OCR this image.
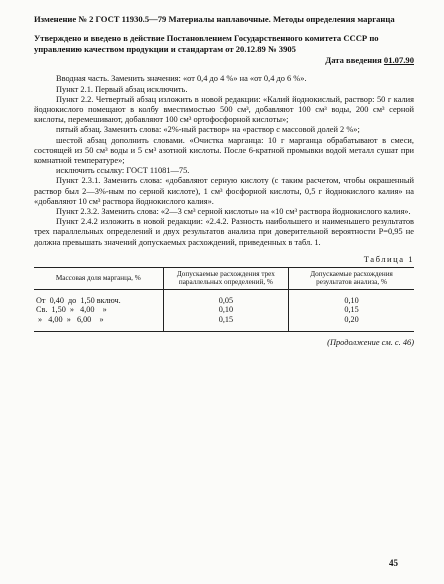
Изменение № 2 ГОСТ 11930.5—79 Материалы наплавочные. Методы определения марганца
Утверждено и введено в действие Постановлением Государственного комитета СССР по управлению качеством продукции и стандартам от 20.12.89 № 3905
Дата введения 01.07.90

Вводная часть. Заменить значения: «от 0,4 до 4 %» на «от 0,4 до 6 %».

Пункт 2.1. Первый абзац исключить.

Пункт 2.2. Четвертый абзац изложить в новой редакции: «Калий йоднокислый, раствор: 50 г калия йоднокислого помещают в колбу вместимостью 500 см³, добавляют 100 см³ воды, 200 см³ серной кислоты, перемешивают, добавляют 100 см³ ортофосфорной кислоты»;

пятый абзац. Заменить слова: «2%-ный раствор» на «раствор с массовой долей 2 %»;

шестой абзац дополнить словами. «Очистка марганца: 10 г марганца обрабатывают в смеси, состоящей из 50 см³ воды и 5 см³ азотной кислоты. После 6-кратной промывки водой металл сушат при комнатной температуре»;

исключить ссылку: ГОСТ 11081—75.

Пункт 2.3.1. Заменить слова: «добавляют серную кислоту (с таким расчетом, чтобы окрашенный раствор был 2—3%-ным по серной кислоте), 1 см³ фосфорной кислоты, 0,5 г йоднокислого калия» на «добавляют 10 см³ раствора йоднокислого калия».

Пункт 2.3.2. Заменить слова: «2—3 см³ серной кислоты» на «10 см³ раствора йоднокислого калия».

Пункт 2.4.2 изложить в новой редакции: «2.4.2. Разность наибольшего и наименьшего результатов трех параллельных определений и двух результатов анализа при доверительной вероятности P=0,95 не должна превышать значений допускаемых расхождений, приведенных в табл. 1.

Таблица 1
Массовая доля марганца, %	Допускаемые расхождения трех параллельных определений, %	Допускаемые расхождения результатов анализа, %
От  0,40  до  1,50 включ.	0,05	0,10
Св.  1,50  »   4,00    »	0,10	0,15
»   4,00  »   6,00    »	0,15	0,20
(Продолжение см. с. 46)
45
